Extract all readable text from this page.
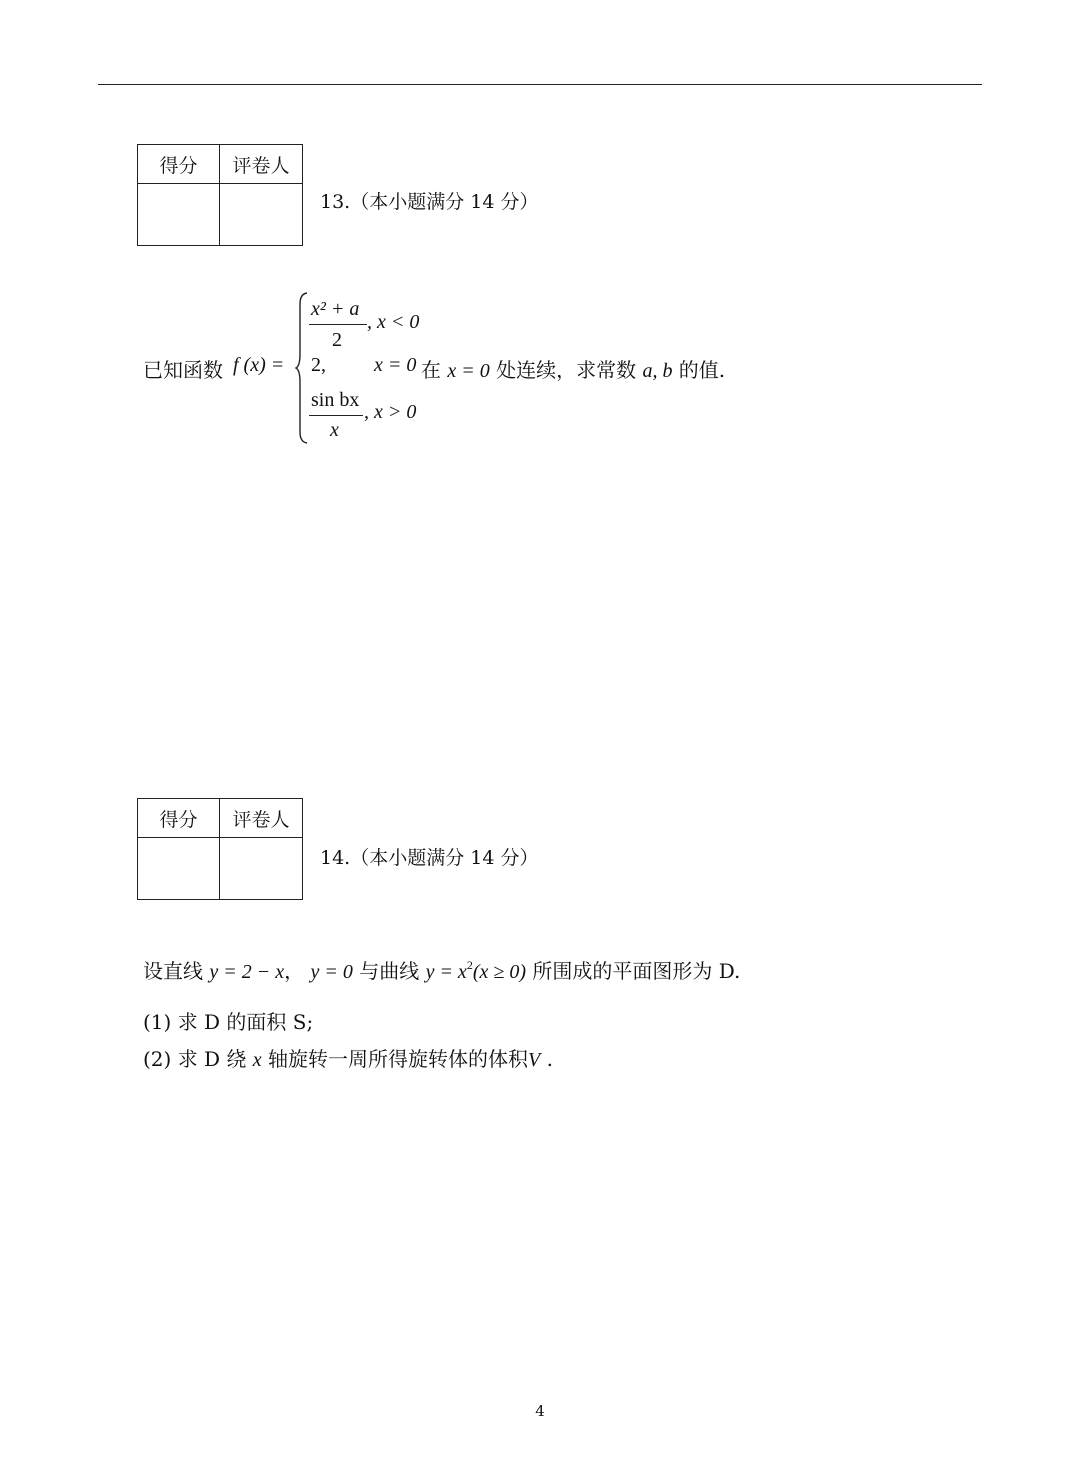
得分	评卷人

13.（本小题满分 14 分）
已知函数 f (x) =
x² + a
2
, x < 0
2, x = 0 在 x = 0 处连续，求常数 a, b 的值.
sin bx
x
, x > 0
得分	评卷人

14.（本小题满分 14 分）
设直线 y = 2 − x， y = 0 与曲线 $y = x^2(x \ge 0)$ 所围成的平面图形为 D.
(1) 求 D 的面积 S;
(2) 求 D 绕 x 轴旋转一周所得旋转体的体积V .
4
